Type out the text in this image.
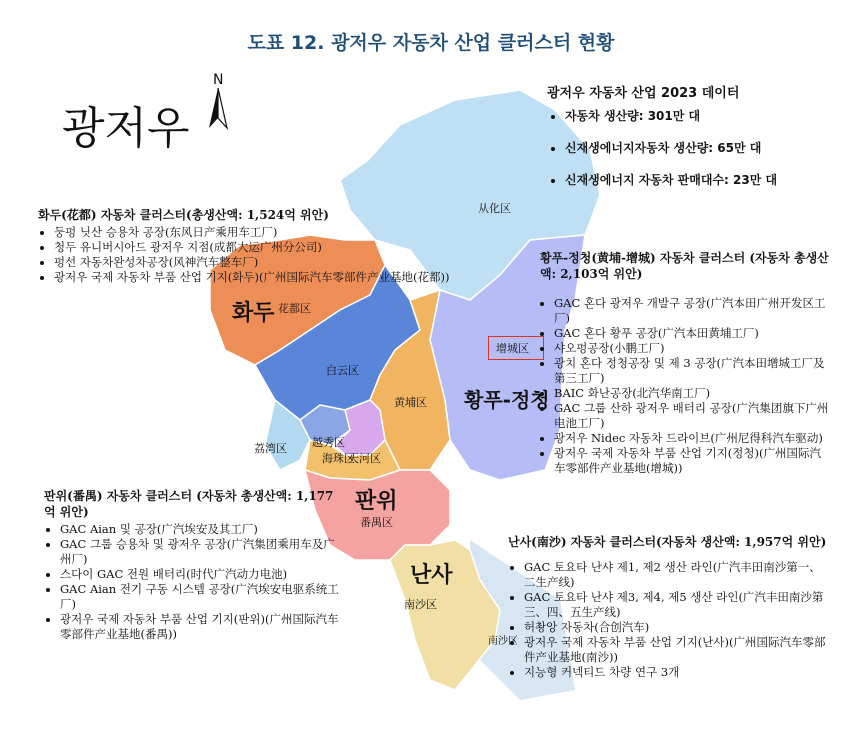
도표 12. 광저우 자동차 산업 클러스터 현황
광저우
N
从化区
花都区
화두
白云区
黄埔区
增城区
황푸-정청
越秀区
天河区
荔湾区
海珠区
판위
番禺区
난사
南沙区
南沙区
광저우 자동차 산업 2023 데이터
• 자동차 생산량: 301만 대
• 신재생에너지자동차 생산량: 65만 대
• 신재생에너지 자동차 판매대수: 23만 대
화두(花都) 자동차 클러스터(총생산액: 1,524억 위안)
• 둥펑 닛산 승용차 공장(东风日产乘用车工厂)
• 청두 유니버시아드 광저우 지점(成都大运广州分公司)
• 펑선 자동차완성차공장(风神汽车整车厂)
• 광저우 국제 자동차 부품 산업 기지(화두)(广州国际汽车零部件产业基地(花都))
황푸-정청(黄埔-增城) 자동차 클러스터 (자동차 총생산액: 2,103억 위안)
• GAC 혼다 광저우 개발구 공장(广汽本田广州开发区工厂)
• GAC 혼다 황푸 공장(广汽本田黄埔工厂)
• 샤오펑공장(小鹏工厂)
• 광치 혼다 정청공장 및 제 3 공장(广汽本田增城工厂及第三工厂)
• BAIC 화난공장(北汽华南工厂)
• GAC 그룹 산하 광저우 배터리 공장(广汽集团旗下广州电池工厂)
• 광저우 Nidec 자동차 드라이브(广州尼得科汽车驱动)
• 광저우 국제 자동차 부품 산업 기지(정청)(广州国际汽车零部件产业基地(增城))
판위(番禺) 자동차 클러스터 (자동차 총생산액: 1,177억 위안)
• GAC Aian 및 공장(广汽埃安及其工厂)
• GAC 그룹 승용차 및 광저우 공장(广汽集团乘用车及广州厂)
• 스다이 GAC 전원 배터리(时代广汽动力电池)
• GAC Aian 전기 구동 시스템 공장(广汽埃安电驱系统工厂)
• 광저우 국제 자동차 부품 산업 기지(판위)(广州国际汽车零部件产业基地(番禺))
난사(南沙) 자동차 클러스터(자동차 생산액: 1,957억 위안)
• GAC 토요타 난샤 제1, 제2 생산 라인(广汽丰田南沙第一、二生产线)
• GAC 토요타 난샤 제3, 제4, 제5 생산 라인(广汽丰田南沙第三、四、五生产线)
• 허촹앙 자동차(合创汽车)
• 광저우 국제 자동차 부품 산업 기지(난사)(广州国际汽车零部件产业基地(南沙))
• 지능형 커넥티드 차량 연구 3개
